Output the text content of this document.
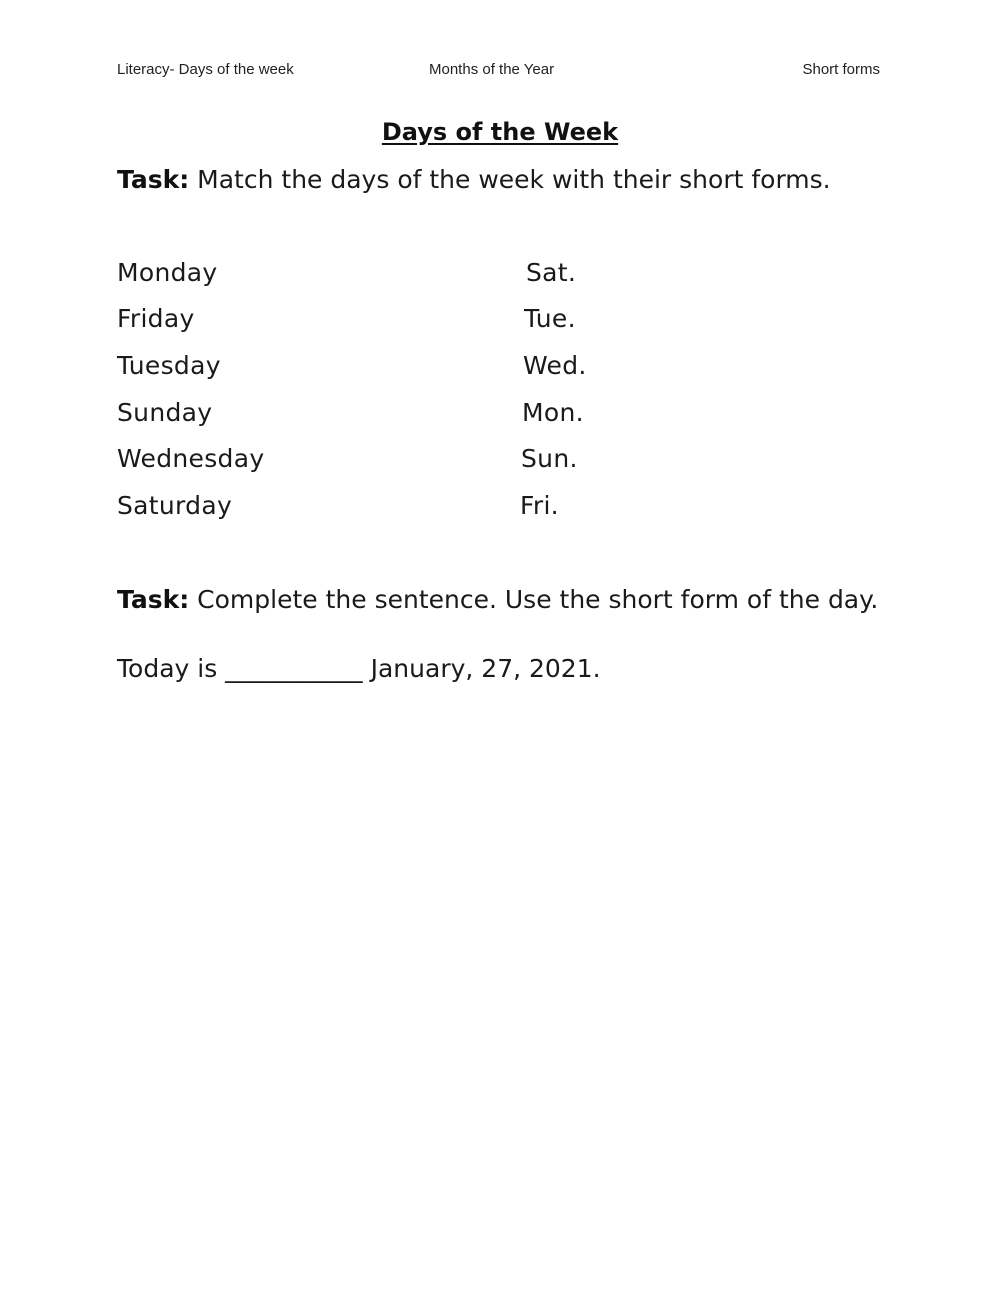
Literacy- Days of the week	Months of the Year	Short forms
Days of the Week
Task: Match the days of the week with their short forms.
Monday
Friday
Tuesday
Sunday
Wednesday
Saturday
Sat.
Tue.
Wed.
Mon.
Sun.
Fri.
Task: Complete the sentence. Use the short form of the day.
Today is ___________ January, 27, 2021.
